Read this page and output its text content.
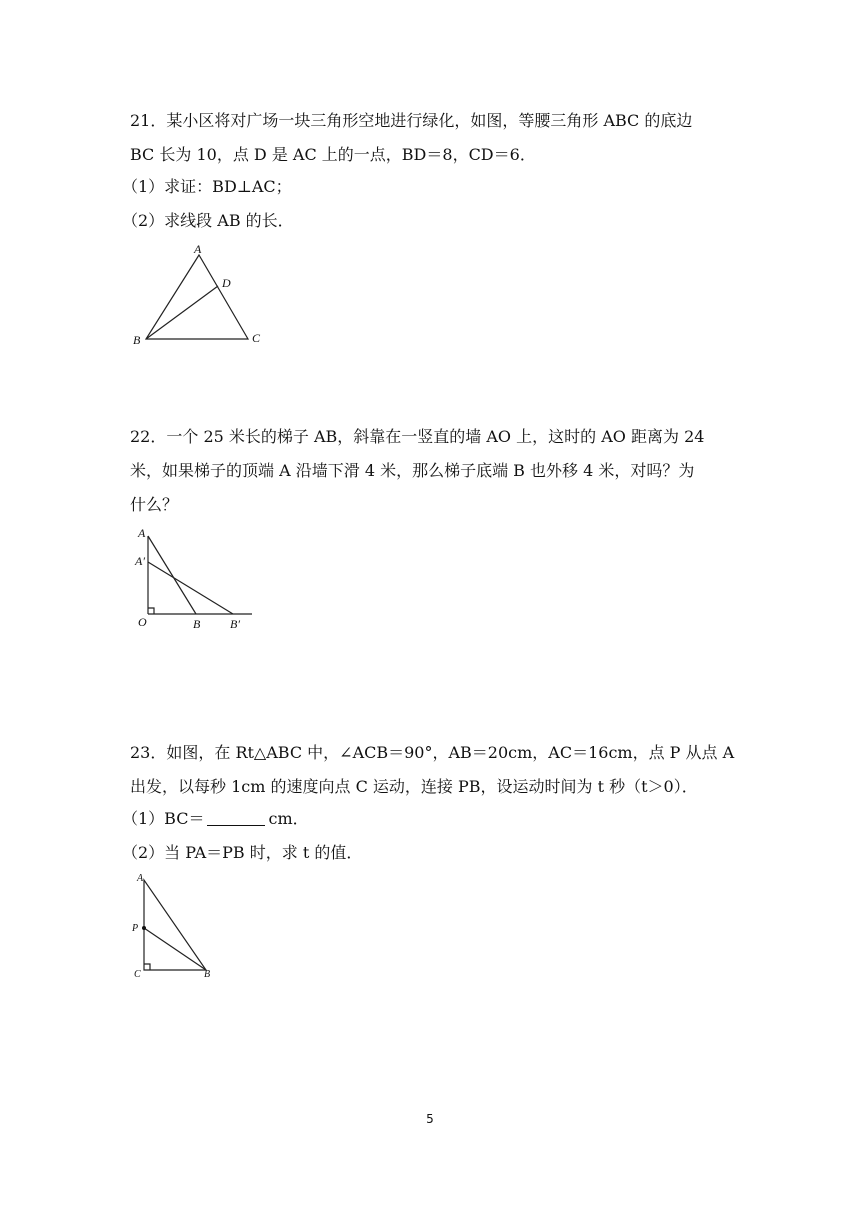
21．某小区将对广场一块三角形空地进行绿化，如图，等腰三角形 ABC 的底边
BC 长为 10，点 D 是 AC 上的一点，BD＝8，CD＝6．
（1）求证：BD⊥AC；
（2）求线段 AB 的长．
A
D
B	C
22．一个 25 米长的梯子 AB，斜靠在一竖直的墙 AO 上，这时的 AO 距离为 24
米，如果梯子的顶端 A 沿墙下滑 4 米，那么梯子底端 B 也外移 4 米，对吗？为
什么？
A
A′
O	B B′
23．如图，在 Rt△ABC 中，∠ACB＝90°，AB＝20cm，AC＝16cm，点 P 从点 A
出发，以每秒 1cm 的速度向点 C 运动，连接 PB，设运动时间为 t 秒（t＞0）．
（1）BC＝	cm．
（2）当 PA＝PB 时，求 t 的值．
A
P
C	B
5
